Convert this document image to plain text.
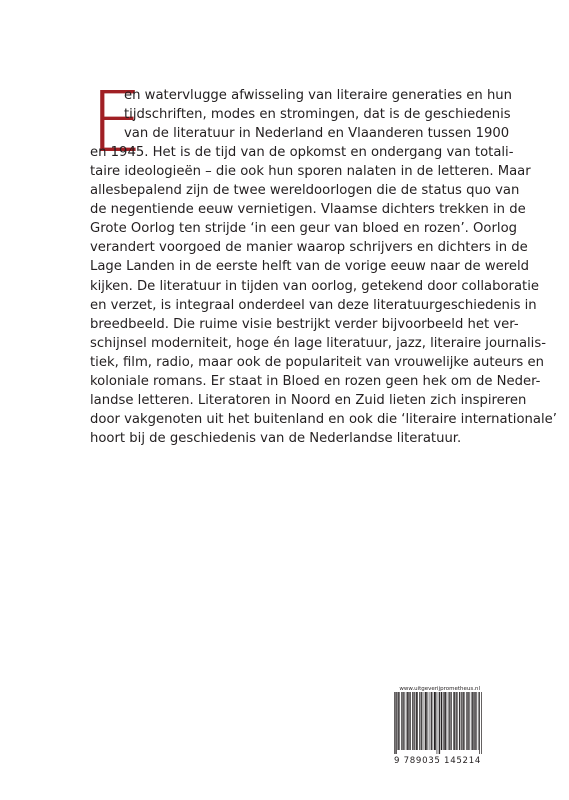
E
en watervlugge afwisseling van literaire generaties en hun
tijdschriften, modes en stromingen, dat is de geschiedenis
van de literatuur in Nederland en Vlaanderen tussen 1900
en 1945. Het is de tijd van de opkomst en ondergang van totali-
taire ideologieën – die ook hun sporen nalaten in de letteren. Maar
allesbepalend zijn de twee wereldoorlogen die de status quo van
de negentiende eeuw vernietigen. Vlaamse dichters trekken in de
Grote Oorlog ten strijde ‘in een geur van bloed en rozen’. Oorlog
verandert voorgoed de manier waarop schrijvers en dichters in de
Lage Landen in de eerste helft van de vorige eeuw naar de wereld
kijken. De literatuur in tijden van oorlog, getekend door collaboratie
en verzet, is integraal onderdeel van deze literatuurgeschiedenis in
breedbeeld. Die ruime visie bestrijkt verder bijvoorbeeld het ver-
schijnsel moderniteit, hoge én lage literatuur, jazz, literaire journalis-
tiek, film, radio, maar ook de populariteit van vrouwelijke auteurs en
koloniale romans. Er staat in Bloed en rozen geen hek om de Neder-
landse letteren. Literatoren in Noord en Zuid lieten zich inspireren
door vakgenoten uit het buitenland en ook die ‘literaire internationale’
hoort bij de geschiedenis van de Nederlandse literatuur.
www.uitgeverijprometheus.nl
9 789035 145214
